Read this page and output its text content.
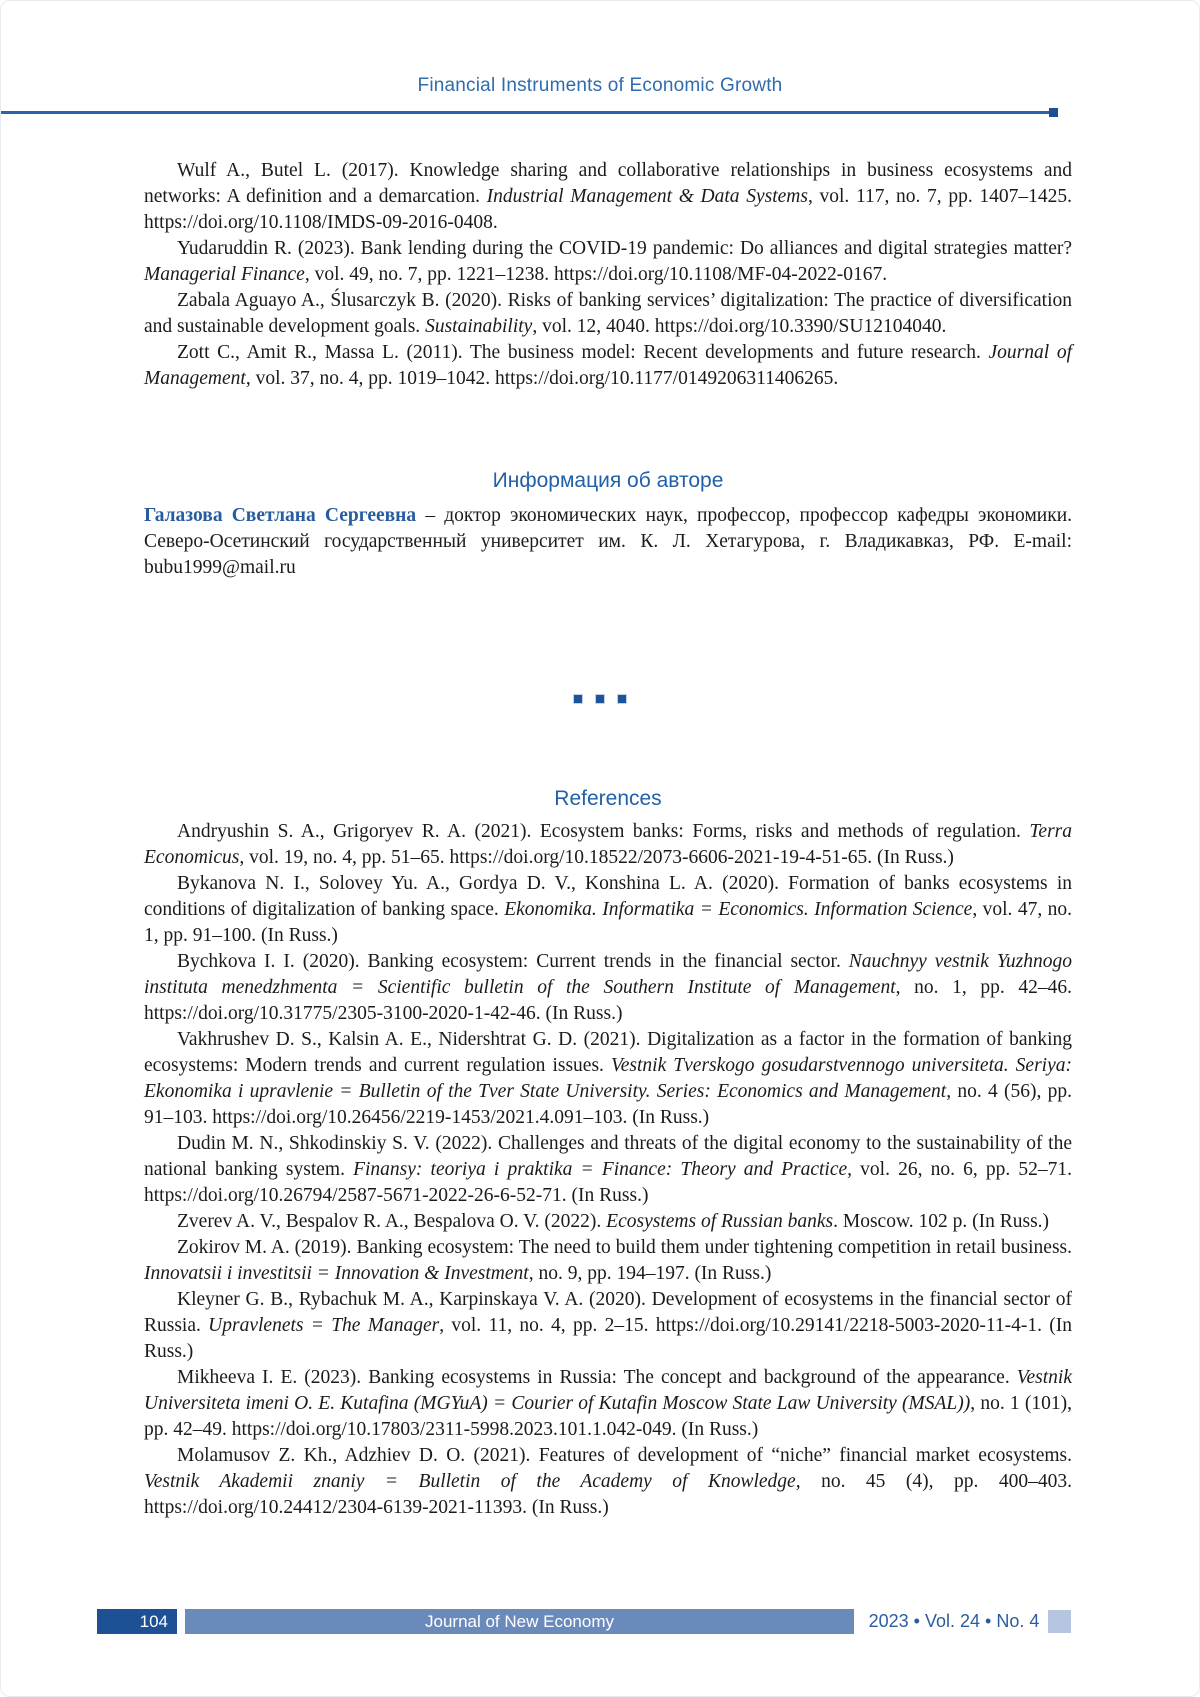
Financial Instruments of Economic Growth

Wulf A., Butel L. (2017). Knowledge sharing and collaborative relationships in business ecosystems and networks: A definition and a demarcation. Industrial Management & Data Systems, vol. 117, no. 7, pp. 1407–1425. https://doi.org/10.1108/IMDS-09-2016-0408.

Yudaruddin R. (2023). Bank lending during the COVID-19 pandemic: Do alliances and digital strategies matter? Managerial Finance, vol. 49, no. 7, pp. 1221–1238. https://doi.org/10.1108/MF-04-2022-0167.

Zabala Aguayo A., Ślusarczyk B. (2020). Risks of banking services’ digitalization: The practice of diversification and sustainable development goals. Sustainability, vol. 12, 4040. https://doi.org/10.3390/SU12104040.

Zott C., Amit R., Massa L. (2011). The business model: Recent developments and future research. Journal of Management, vol. 37, no. 4, pp. 1019–1042. https://doi.org/10.1177/0149206311406265.

Информация об авторе

Галазова Светлана Сергеевна – доктор экономических наук, профессор, профессор кафедры экономики. Северо-Осетинский государственный университет им. К. Л. Хетагурова, г. Владикавказ, РФ. E-mail: bubu1999@mail.ru

References

Andryushin S. A., Grigoryev R. A. (2021). Ecosystem banks: Forms, risks and methods of regulation. Terra Economicus, vol. 19, no. 4, pp. 51–65. https://doi.org/10.18522/2073-6606-2021-19-4-51-65. (In Russ.)

Bykanova N. I., Solovey Yu. A., Gordya D. V., Konshina L. A. (2020). Formation of banks ecosystems in conditions of digitalization of banking space. Ekonomika. Informatika = Economics. Information Science, vol. 47, no. 1, pp. 91–100. (In Russ.)

Bychkova I. I. (2020). Banking ecosystem: Current trends in the financial sector. Nauchnyy vestnik Yuzhnogo instituta menedzhmenta = Scientific bulletin of the Southern Institute of Management, no. 1, pp. 42–46. https://doi.org/10.31775/2305-3100-2020-1-42-46. (In Russ.)

Vakhrushev D. S., Kalsin A. E., Nidershtrat G. D. (2021). Digitalization as a factor in the formation of banking ecosystems: Modern trends and current regulation issues. Vestnik Tverskogo gosudarstvennogo universiteta. Seriya: Ekonomika i upravlenie = Bulletin of the Tver State University. Series: Economics and Management, no. 4 (56), pp. 91–103. https://doi.org/10.26456/2219-1453/2021.4.091–103. (In Russ.)

Dudin M. N., Shkodinskiy S. V. (2022). Challenges and threats of the digital economy to the sustainability of the national banking system. Finansy: teoriya i praktika = Finance: Theory and Practice, vol. 26, no. 6, pp. 52–71. https://doi.org/10.26794/2587-5671-2022-26-6-52-71. (In Russ.)

Zverev A. V., Bespalov R. A., Bespalova O. V. (2022). Ecosystems of Russian banks. Moscow. 102 p. (In Russ.)

Zokirov M. A. (2019). Banking ecosystem: The need to build them under tightening competition in retail business. Innovatsii i investitsii = Innovation & Investment, no. 9, pp. 194–197. (In Russ.)

Kleyner G. B., Rybachuk M. A., Karpinskaya V. A. (2020). Development of ecosystems in the financial sector of Russia. Upravlenets = The Manager, vol. 11, no. 4, pp. 2–15. https://doi.org/10.29141/2218-5003-2020-11-4-1. (In Russ.)

Mikheeva I. E. (2023). Banking ecosystems in Russia: The concept and background of the appearance. Vestnik Universiteta imeni O. E. Kutafina (MGYuA) = Courier of Kutafin Moscow State Law University (MSAL)), no. 1 (101), pp. 42–49. https://doi.org/10.17803/2311-5998.2023.101.1.042-049. (In Russ.)

Molamusov Z. Kh., Adzhiev D. O. (2021). Features of development of “niche” financial market ecosystems. Vestnik Akademii znaniy = Bulletin of the Academy of Knowledge, no. 45 (4), pp. 400–403. https://doi.org/10.24412/2304-6139-2021-11393. (In Russ.)

104	Journal of New Economy	2023 • Vol. 24 • No. 4
